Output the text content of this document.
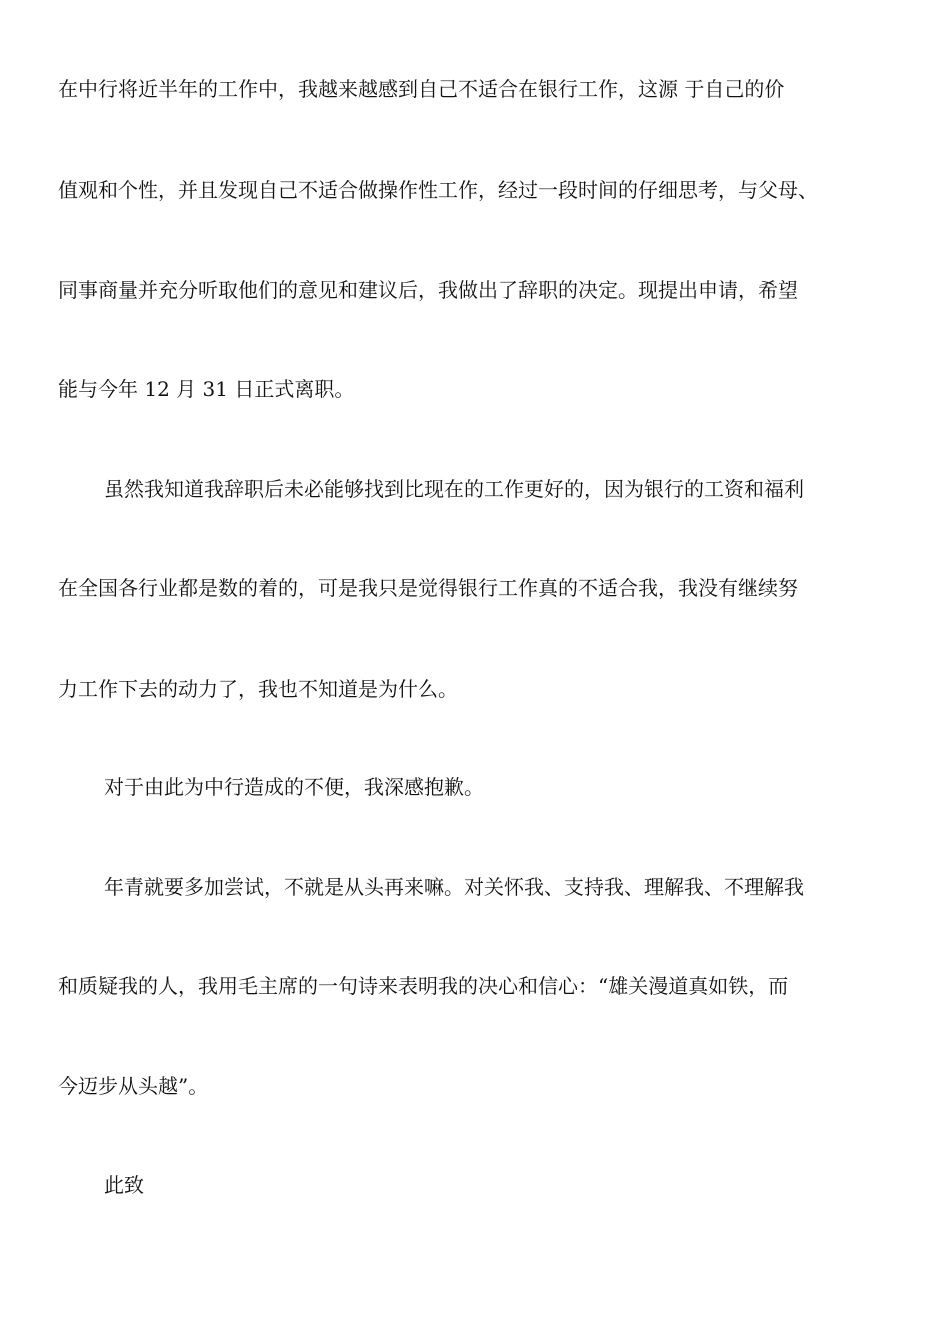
在中行将近半年的工作中，我越来越感到自己不适合在银行工作，这源 于自己的价
值观和个性，并且发现自己不适合做操作性工作，经过一段时间的仔细思考，与父母、
同事商量并充分听取他们的意见和建议后，我做出了辞职的决定。现提出申请，希望
能与今年 12 月 31 日正式离职。
虽然我知道我辞职后未必能够找到比现在的工作更好的，因为银行的工资和福利
在全国各行业都是数的着的，可是我只是觉得银行工作真的不适合我，我没有继续努
力工作下去的动力了，我也不知道是为什么。
对于由此为中行造成的不便，我深感抱歉。
年青就要多加尝试，不就是从头再来嘛。对关怀我、支持我、理解我、不理解我
和质疑我的人，我用毛主席的一句诗来表明我的决心和信心：“雄关漫道真如铁，而
今迈步从头越”。
此致
